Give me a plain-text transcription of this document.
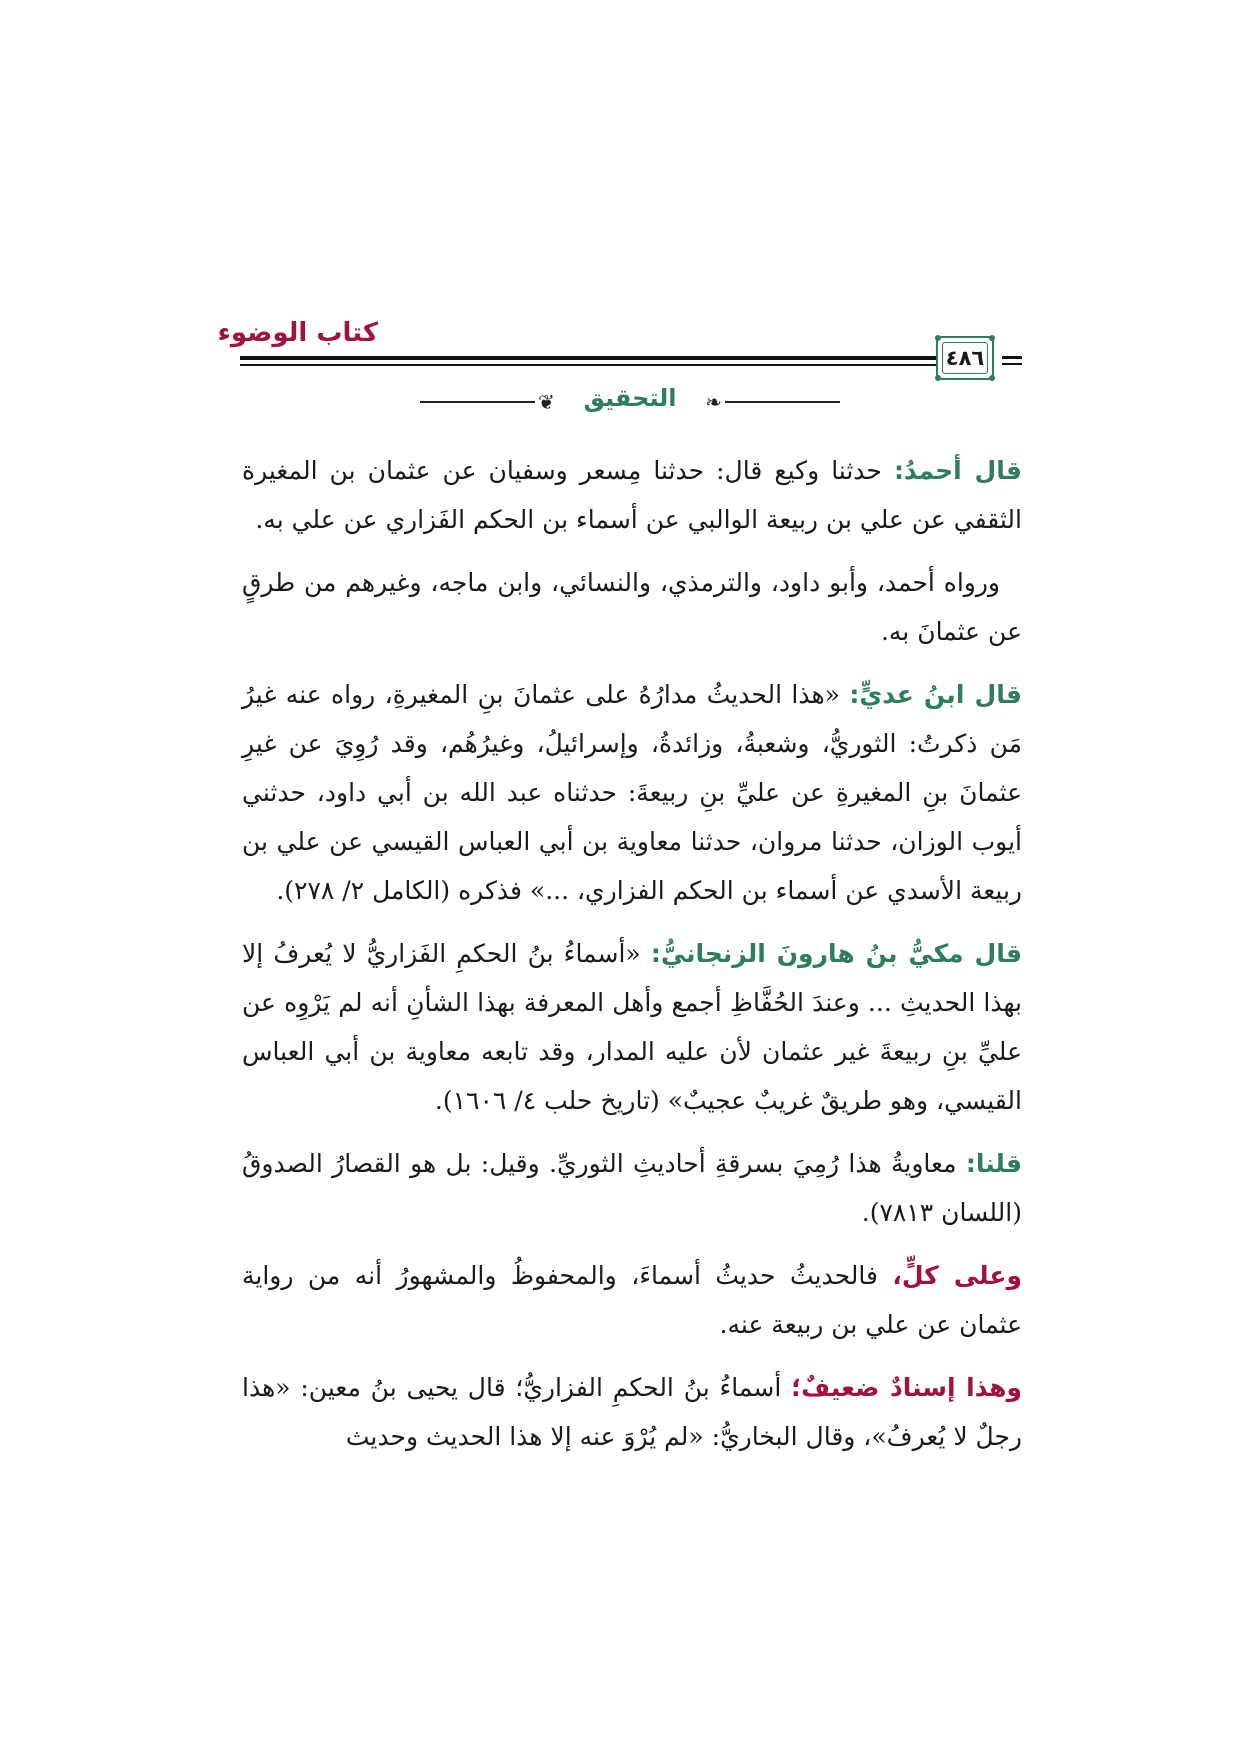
كتاب الوضوء
٤٨٦
❦	التحقيق	❧

قال أحمدُ: حدثنا وكيع قال: حدثنا مِسعر وسفيان عن عثمان بن المغيرة الثقفي عن علي بن ربيعة الوالبي عن أسماء بن الحكم الفَزاري عن علي به.

ورواه أحمد، وأبو داود، والترمذي، والنسائي، وابن ماجه، وغيرهم من طرقٍ عن عثمانَ به.

قال ابنُ عديٍّ: «هذا الحديثُ مدارُهُ على عثمانَ بنِ المغيرةِ، رواه عنه غيرُ مَن ذكرتُ: الثوريُّ، وشعبةُ، وزائدةُ، وإسرائيلُ، وغيرُهُم، وقد رُوِيَ عن غيرِ عثمانَ بنِ المغيرةِ عن عليِّ بنِ ربيعةَ: حدثناه عبد الله بن أبي داود، حدثني أيوب الوزان، حدثنا مروان، حدثنا معاوية بن أبي العباس القيسي عن علي بن ربيعة الأسدي عن أسماء بن الحكم الفزاري، ...» فذكره (الكامل ٢/ ٢٧٨).

قال مكيُّ بنُ هارونَ الزنجانيُّ: «أسماءُ بنُ الحكمِ الفَزاريُّ لا يُعرفُ إلا بهذا الحديثِ ... وعندَ الحُفَّاظِ أجمع وأهل المعرفة بهذا الشأنِ أنه لم يَرْوِه عن عليِّ بنِ ربيعةَ غير عثمان لأن عليه المدار، وقد تابعه معاوية بن أبي العباس القيسي، وهو طريقٌ غريبٌ عجيبٌ» (تاريخ حلب ٤/ ١٦٠٦).

قلنا: معاويةُ هذا رُمِيَ بسرقةِ أحاديثِ الثوريِّ. وقيل: بل هو القصارُ الصدوقُ (اللسان ٧٨١٣).

وعلى كلٍّ، فالحديثُ حديثُ أسماءَ، والمحفوظُ والمشهورُ أنه من رواية عثمان عن علي بن ربيعة عنه.

وهذا إسنادٌ ضعيفٌ؛ أسماءُ بنُ الحكمِ الفزاريُّ؛ قال يحيى بنُ معين: «هذا رجلٌ لا يُعرفُ»، وقال البخاريُّ: «لم يُرْوَ عنه إلا هذا الحديث وحديث
